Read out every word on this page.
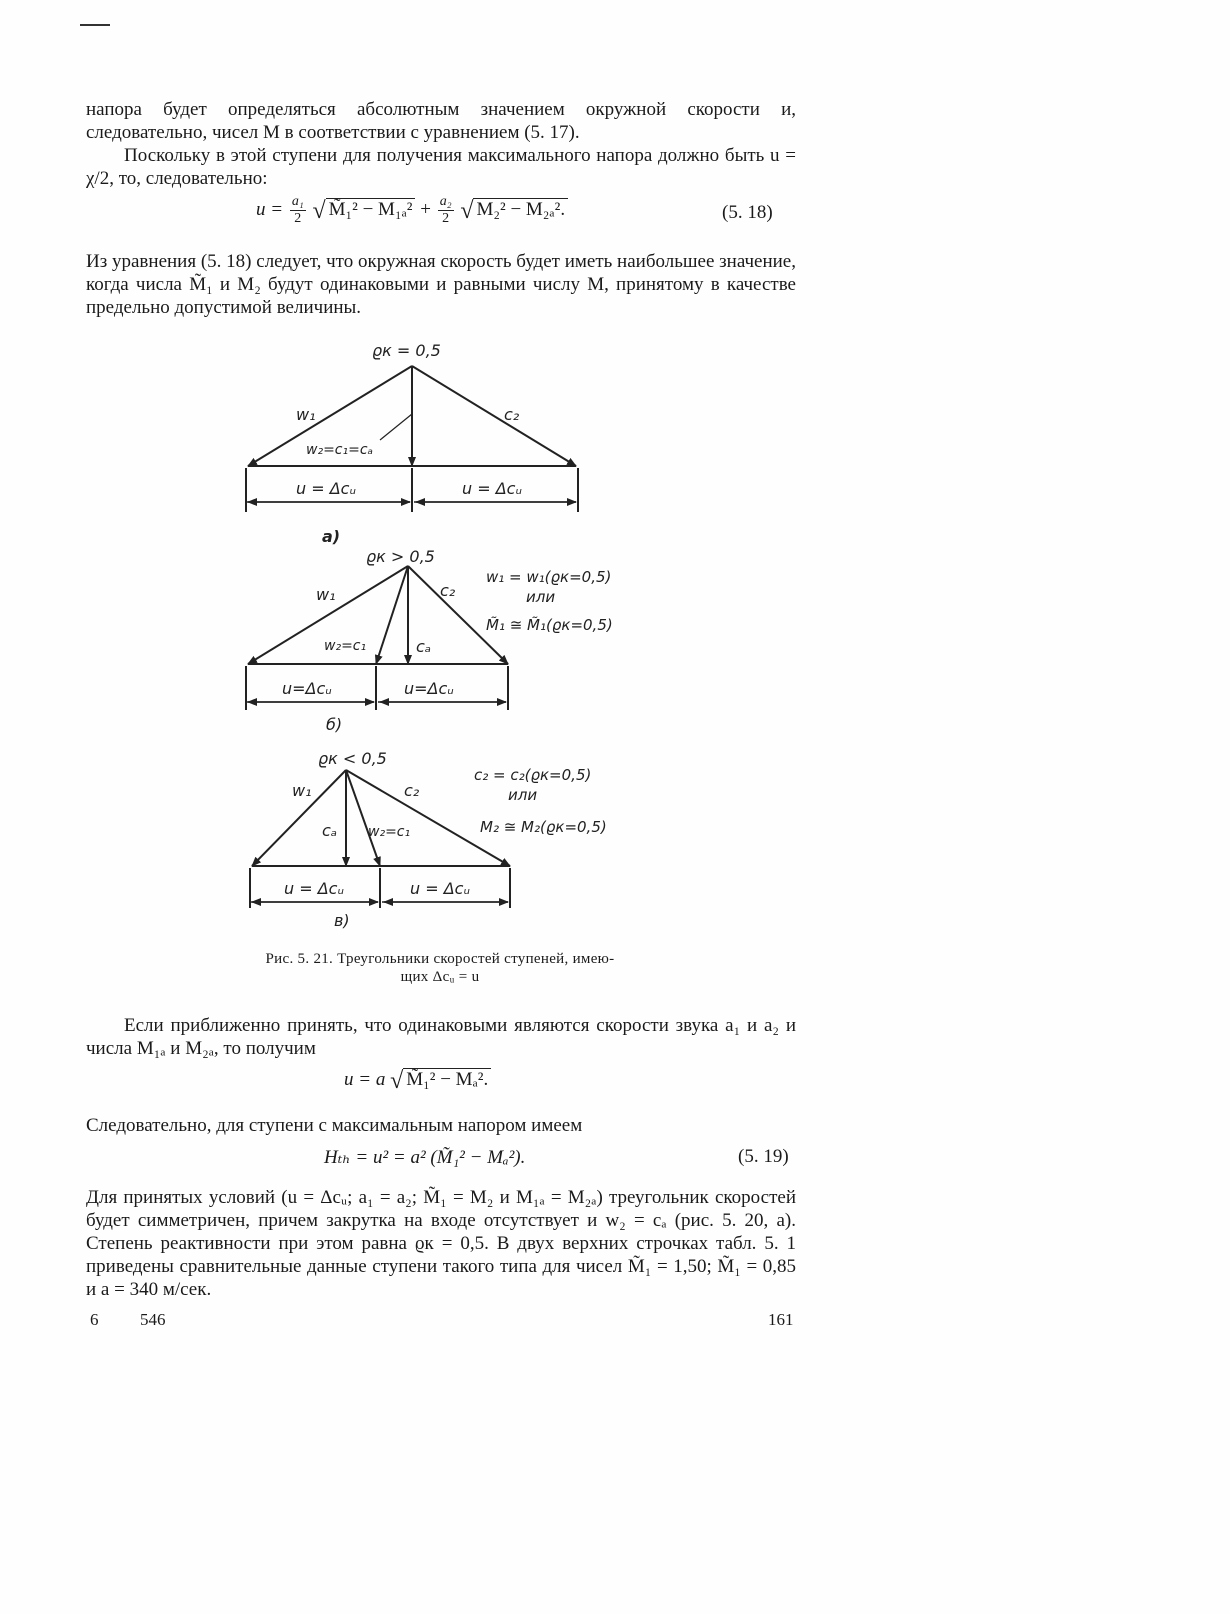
напора будет определяться абсолютным значением окружной скорости и, следовательно, чисел M в соответствии с уравнением (5. 17).

Поскольку в этой ступени для получения максимального напора должно быть u = χ/2, то, следовательно:

$u = \frac{\text{a₁}}{2}$ √ M̃₁² − $M_{1a}^2 + \frac{\text{a₂}}{2}$ √ M₂² − M₂ₐ².	(5. 18)

Из уравнения (5. 18) следует, что окружная скорость будет иметь наибольшее значение, когда числа M̃₁ и M₂ будут одинаковыми и равными числу M, принятому в качестве предельно допустимой величины.

ϱк = 0,5
w₁	c₂
w₂=c₁=cₐ
u = Δcᵤ	u = Δcᵤ
а)
ϱк > 0,5
w₁	c₂
w₂=c₁	cₐ
u=Δcᵤ	u=Δcᵤ
б)
w₁ = w₁(ϱк=0,5)
или
M̃₁ ≅ M̃₁(ϱк=0,5)
ϱк < 0,5
w₁	c₂
cₐ w₂=c₁
u = Δcᵤ	u = Δcᵤ
в)
c₂ = c₂(ϱк=0,5)
или
M₂ ≅ M₂(ϱк=0,5)
Рис. 5. 21. Треугольники скоростей ступеней, имею-
щих Δcᵤ = u

Если приближенно принять, что одинаковыми являются скорости звука a₁ и a₂ и числа M₁ₐ и M₂ₐ, то получим

u = a √ M̃₁² − Mₐ².

Следовательно, для ступени с максимальным напором имеем

Hₜₕ = u² = a² (M̃₁² − Mₐ²).	(5. 19)

Для принятых условий (u = Δcᵤ; a₁ = a₂; M̃₁ = M₂ и M₁ₐ = M₂ₐ) треугольник скоростей будет симметричен, причем закрутка на входе отсутствует и w₂ = cₐ (рис. 5. 20, а). Степень реактивности при этом равна ϱк = 0,5. В двух верхних строчках табл. 5. 1 приведены сравнительные данные ступени такого типа для чисел M̃₁ = 1,50; M̃₁ = 0,85 и a = 340 м/сек.

6 546	161
